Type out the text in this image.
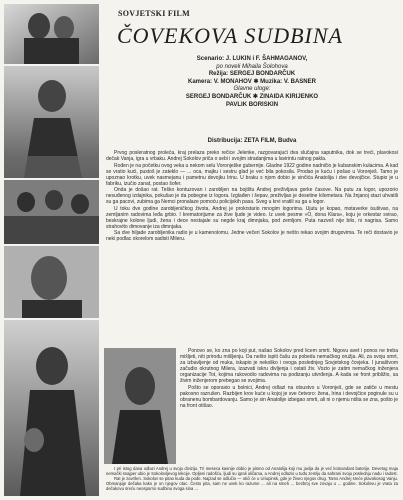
SOVJETSKI FILM
ČOVEKOVA SUDBINA
Scenario: J. LUKIN i F. ŠAHMAGANOV,
po noveli Mihaila Šolohova
Režija: SERGEJ BONDARČUK
Kamera: V. MONAHOV ✱ Muzika: V. BASNER
Glavne uloge:
SERGEJ BONDARČUK ✱ ZINAIDA KIRIJENKO
PAVLIK BORISKIN
Distribucija: ZETA FILM, Budva

Prvog posleratnog proleća, kraj prelaza preko rečice Jelenke, razgovarajući dva slučajna saputnika, dok se treći, plavokosi dečak Vanja, igra u vrbaku. Andrej Sokolov priča o sebi i svojim stradanjima u lavirintu ratnog pakla.

Rođen je na početku ovog veka u nekom selu Voronješke gubernije. Gladne 1922 godine nadničio je kubanskim kulacima. A kad se vratio kući, pustoš je zateklo — ... oca, majku i sestru glad je već bila pokosila. Prodao je kuću i pošao u Voronješ. Tamo je upoznao krotku, uvek nasmejanu i pametnu devojku Irinu. U braku s njom dobio je sinčića Anatolija i dve devojčice. Stupio je u fabriku, izučio zanat, postao šofer.

Onda je došao rat. Teško kontuzovan i zarobljen na bojištu Andrej preživljava gorke časove. Na putu za logor, upozorio nesuđenog izdajnika, pokušao je da pobegne iz logora. Izglađen i šepav, preživljao je desetine kilometara. Na žnjanoj stazi uhvatili su ga pacovi, zubima ga Nemci pronalaze pomoću policijskih pasa. Sveg u krvi vratili su ga u logor.

U toku dve godine zarobljeničkog života, Andrej je prokrstario mnogim logorima. Ujutu je kopao, motaverke isušivao, na zemljanim radovima leđa grbio. I krematorijume za žive ljude je video. Iz uvek pesme »O, dona Klara«, koju je orkestar svirao, beskrajne kolone ljudi, žena i dece nestajale su negde kraj dimnjaka, pod zemljom. Puta nazveš nije bilo, ni nagrisa. Samo strahovito dimovanje iza dimnjaka.

Sa dve hiljade zarobljenika radio je u kamenolomu. Jedne večeri Sokolov je nešto rekao svojim drugovima. Te reči dostavio je neki podlac okorelom sadisti Mileru.

Ponovo se, ko zna po koji put, našao Sokolov pred licem smrti. Nigovu avet i ponos ne treba mišljeti, niti prirodu mišljenju. Da nešto ispiti čašu za pobedu nemačkog oružja. Ali, za svoju smrt, za izbavljenje od muka, iskapio je nekoliko i ovoga poslednjeg Sovjetskog čovjeka. I junaštvom začudio okrutnog Milera, izazvati iskru divljenja i ostati živ. Vozio je zatim nemačkog inženjera organizacije Tot, kojima rukovodio radovima na podizanju utvrđenja. A kada se front približio, sa živim inženjerom prebegao se svojima.

Pošto se oporavio u bolnici, Andrej odlazi na otsustvo u Voronješ, gde se zatiče u mestu pakosno razrušen. Razbijen krov kuće u kojoj je sve četvoro: žena, Irina i devojčice poginule su u obranenu bombardovanju. Samo je sin Anatolije izbegao smrti, ali ni o njemu ništa se zna, pošto je na front otišao.

I pri istog dana odlazi Andrej u svoju diviziju. Tri meseca kasnije dobio je pismo od Anatolija koji mu javlja da je već komandant baterije. Devetog maja nemački snajper ubio je Sokolovljevog lekcije. Opljeni radošću, ljudi su igrali uličama, a Andrej odlazio u tuđu zemlju da sahrani svoju poslednju nadu i radost.

Rat je završen. Sokolov se pitao kuda da pođe. Najzad se odlučio — otići će u Uriupinsk, gde je živeo njegov drug. Tamo Andrej sreće plavokosog Vanju. Obmanjuje dečaka kako je on njegov otac. Često pita, sam ne uvek ko razume ... ali na smeh ... bezbroj sve zovaju u ... godine. Sokolovu je vrata za dečakovu sreću neosporno sudbinu svoga sina ...
